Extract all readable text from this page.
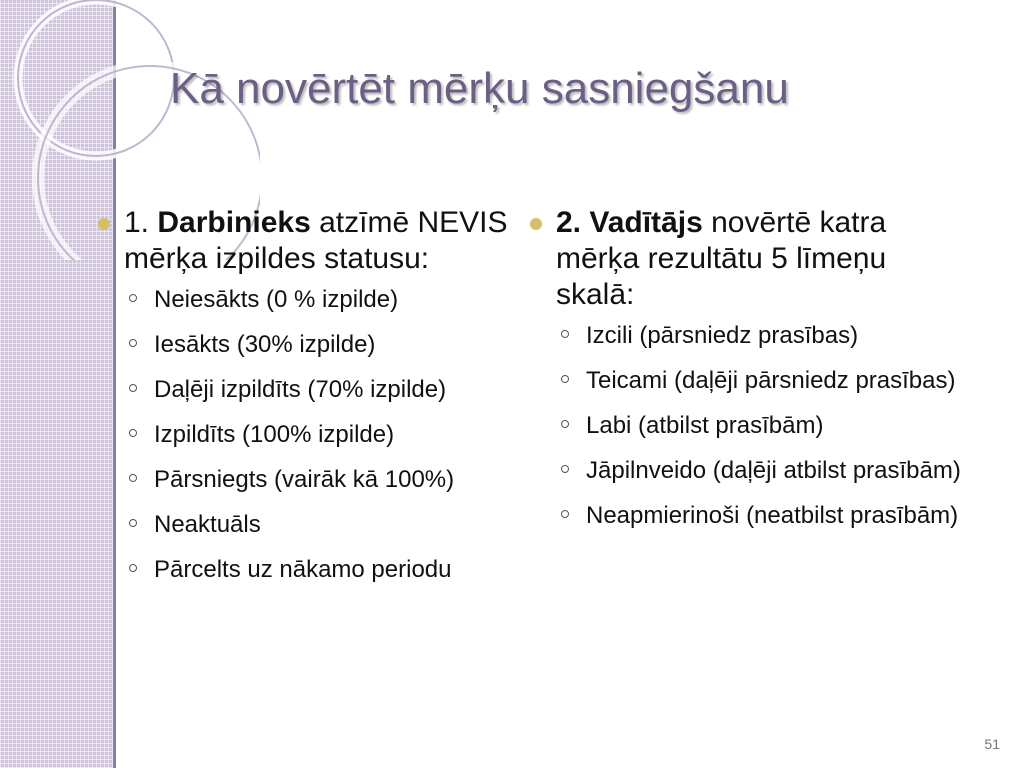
Kā novērtēt mērķu sasniegšanu
1. Darbinieks atzīmē NEVIS mērķa izpildes statusu:
Neiesākts (0 % izpilde)
Iesākts (30% izpilde)
Daļēji izpildīts (70% izpilde)
Izpildīts (100% izpilde)
Pārsniegts (vairāk kā 100%)
Neaktuāls
Pārcelts uz nākamo periodu
2. Vadītājs novērtē katra mērķa rezultātu 5 līmeņu skalā:
Izcili (pārsniedz prasības)
Teicami (daļēji pārsniedz prasības)
Labi (atbilst prasībām)
Jāpilnveido (daļēji atbilst prasībām)
Neapmierinoši (neatbilst prasībām)
51
